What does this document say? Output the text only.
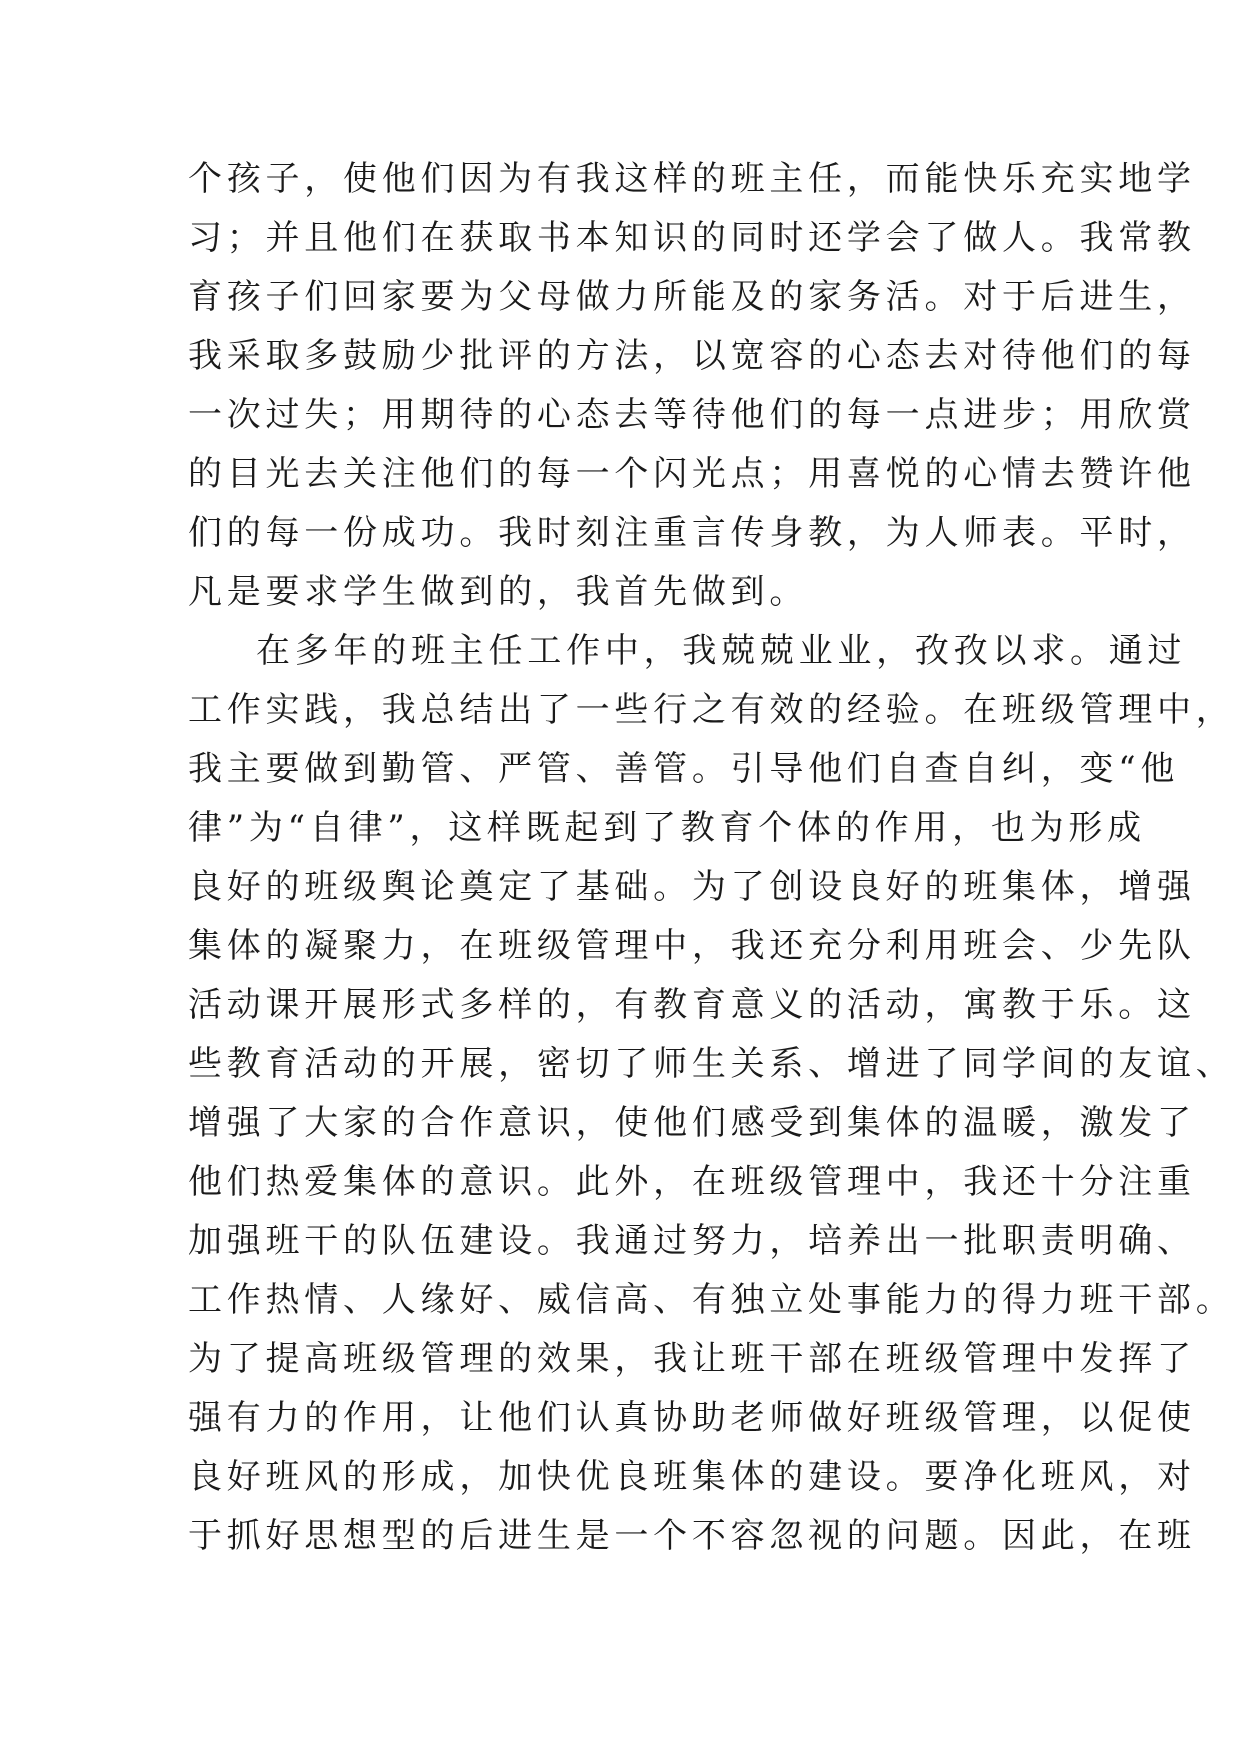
个孩子，使他们因为有我这样的班主任，而能快乐充实地学
习；并且他们在获取书本知识的同时还学会了做人。我常教
育孩子们回家要为父母做力所能及的家务活。对于后进生，
我采取多鼓励少批评的方法，以宽容的心态去对待他们的每
一次过失；用期待的心态去等待他们的每一点进步；用欣赏
的目光去关注他们的每一个闪光点；用喜悦的心情去赞许他
们的每一份成功。我时刻注重言传身教，为人师表。平时，
凡是要求学生做到的，我首先做到。
在多年的班主任工作中，我兢兢业业，孜孜以求。通过
工作实践，我总结出了一些行之有效的经验。在班级管理中，
我主要做到勤管、严管、善管。引导他们自查自纠，变“他
律”为“自律”，这样既起到了教育个体的作用，也为形成
良好的班级舆论奠定了基础。为了创设良好的班集体，增强
集体的凝聚力，在班级管理中，我还充分利用班会、少先队
活动课开展形式多样的，有教育意义的活动，寓教于乐。这
些教育活动的开展，密切了师生关系、增进了同学间的友谊、
增强了大家的合作意识，使他们感受到集体的温暖，激发了
他们热爱集体的意识。此外，在班级管理中，我还十分注重
加强班干的队伍建设。我通过努力，培养出一批职责明确、
工作热情、人缘好、威信高、有独立处事能力的得力班干部。
为了提高班级管理的效果，我让班干部在班级管理中发挥了
强有力的作用，让他们认真协助老师做好班级管理，以促使
良好班风的形成，加快优良班集体的建设。要净化班风，对
于抓好思想型的后进生是一个不容忽视的问题。因此，在班
